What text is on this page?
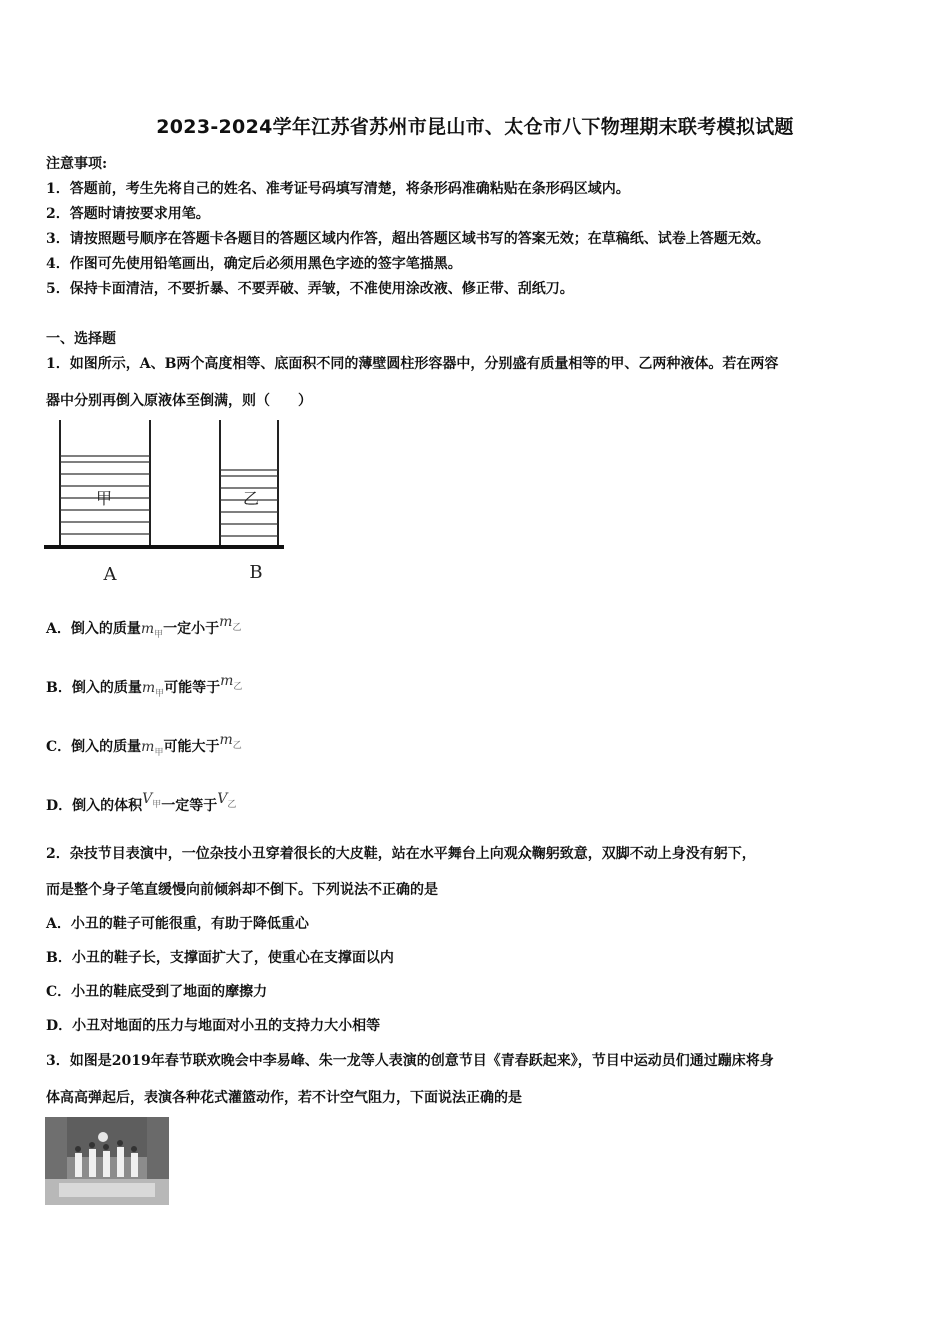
2023-2024学年江苏省苏州市昆山市、太仓市八下物理期末联考模拟试题
注意事项:
1．答题前，考生先将自己的姓名、准考证号码填写清楚，将条形码准确粘贴在条形码区域内。
2．答题时请按要求用笔。
3．请按照题号顺序在答题卡各题目的答题区域内作答，超出答题区域书写的答案无效；在草稿纸、试卷上答题无效。
4．作图可先使用铅笔画出，确定后必须用黑色字迹的签字笔描黑。
5．保持卡面清洁，不要折暴、不要弄破、弄皱，不准使用涂改液、修正带、刮纸刀。
一、选择题
1．如图所示，A、B两个高度相等、底面积不同的薄壁圆柱形容器中，分别盛有质量相等的甲、乙两种液体。若在两容
器中分别再倒入原液体至倒满，则（　　）
甲	乙
A	B
A．倒入的质量$m_甲$一定小于$m_乙$
B．倒入的质量$m_甲$可能等于$m_乙$
C．倒入的质量$m_甲$可能大于$m_乙$
D．倒入的体积$V_甲$一定等于$V_乙$
2．杂技节目表演中，一位杂技小丑穿着很长的大皮鞋，站在水平舞台上向观众鞠躬致意，双脚不动上身没有躬下，
而是整个身子笔直缓慢向前倾斜却不倒下。下列说法不正确的是
A．小丑的鞋子可能很重，有助于降低重心
B．小丑的鞋子长，支撑面扩大了，使重心在支撑面以内
C．小丑的鞋底受到了地面的摩擦力
D．小丑对地面的压力与地面对小丑的支持力大小相等
3．如图是2019年春节联欢晚会中李易峰、朱一龙等人表演的创意节目《青春跃起来》，节目中运动员们通过蹦床将身
体高高弹起后，表演各种花式灌篮动作，若不计空气阻力，下面说法正确的是
